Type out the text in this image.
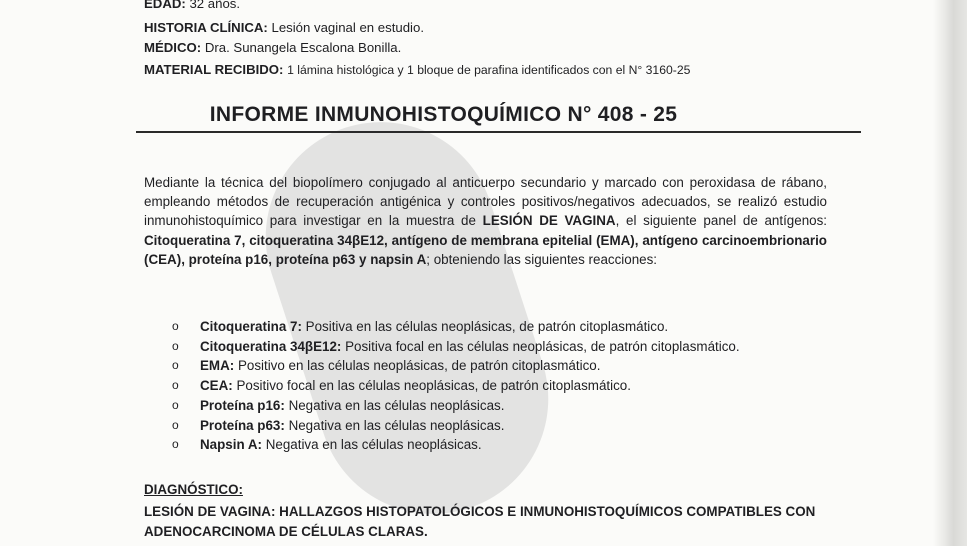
EDAD: 32 años.
HISTORIA CLÍNICA: Lesión vaginal en estudio.
MÉDICO: Dra. Sunangela Escalona Bonilla.
MATERIAL RECIBIDO: 1 lámina histológica y 1 bloque de parafina identificados con el N° 3160-25
INFORME INMUNOHISTOQUÍMICO N° 408 - 25
Mediante la técnica del biopolímero conjugado al anticuerpo secundario y marcado con peroxidasa de rábano, empleando métodos de recuperación antigénica y controles positivos/negativos adecuados, se realizó estudio inmunohistoquímico para investigar en la muestra de LESIÓN DE VAGINA, el siguiente panel de antígenos: Citoqueratina 7, citoqueratina 34βE12, antígeno de membrana epitelial (EMA), antígeno carcinoembrionario (CEA), proteína p16, proteína p63 y napsin A; obteniendo las siguientes reacciones:
o Citoqueratina 7: Positiva en las células neoplásicas, de patrón citoplasmático.
o Citoqueratina 34βE12: Positiva focal en las células neoplásicas, de patrón citoplasmático.
o EMA: Positivo en las células neoplásicas, de patrón citoplasmático.
o CEA: Positivo focal en las células neoplásicas, de patrón citoplasmático.
o Proteína p16: Negativa en las células neoplásicas.
o Proteína p63: Negativa en las células neoplásicas.
o Napsin A: Negativa en las células neoplásicas.
DIAGNÓSTICO:
LESIÓN DE VAGINA: HALLAZGOS HISTOPATOLÓGICOS E INMUNOHISTOQUÍMICOS COMPATIBLES CON ADENOCARCINOMA DE CÉLULAS CLARAS.
